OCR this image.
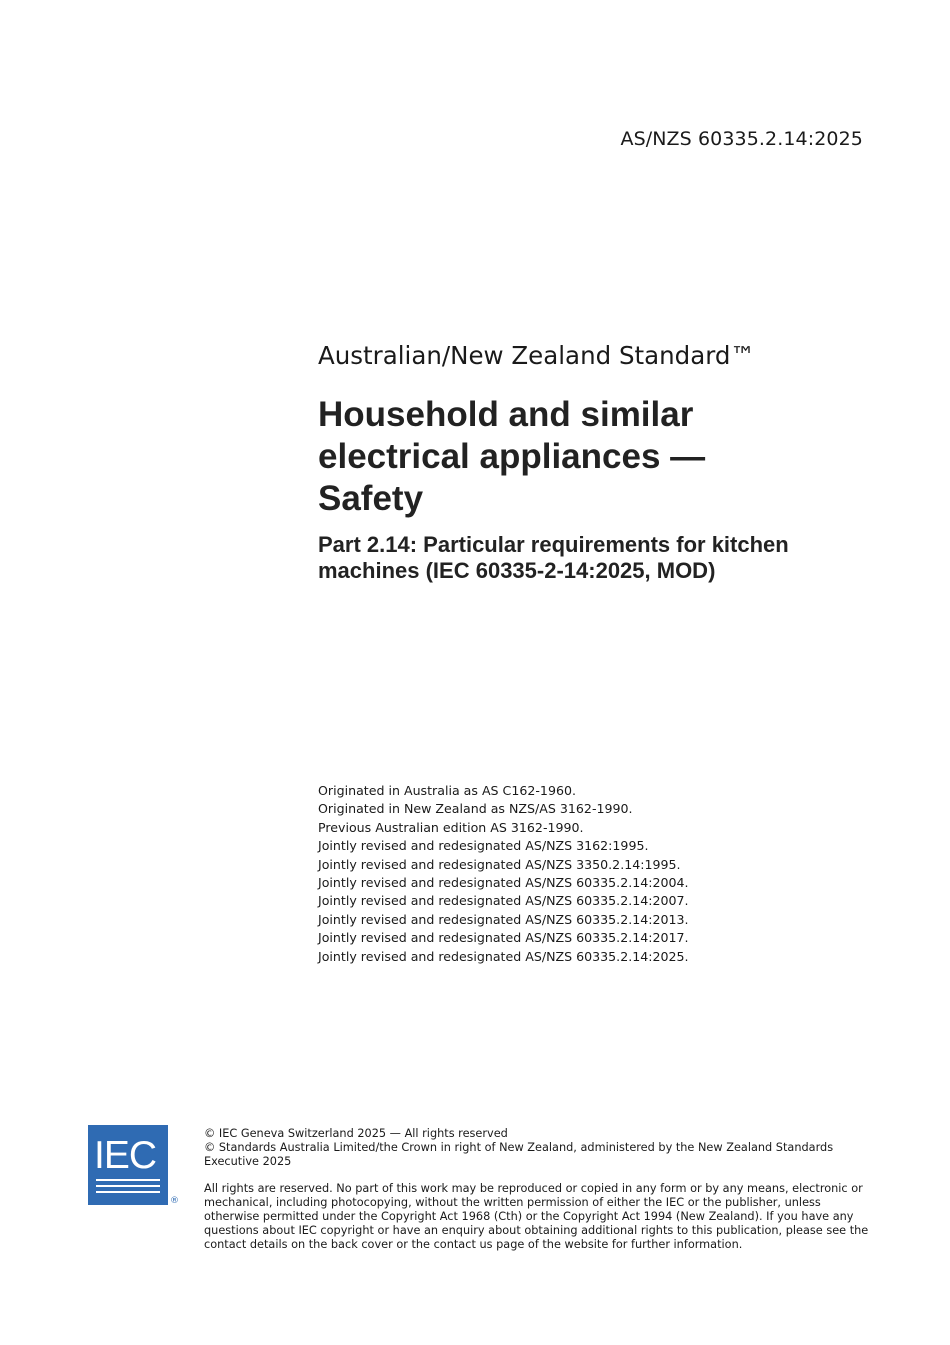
AS/NZS 60335.2.14:2025
Australian/New Zealand Standard™
Household and similar
electrical appliances —
Safety
Part 2.14: Particular requirements for kitchen
machines (IEC 60335-2-14:2025, MOD)
Originated in Australia as AS C162-1960.
Originated in New Zealand as NZS/AS 3162-1990.
Previous Australian edition AS 3162-1990.
Jointly revised and redesignated AS/NZS 3162:1995.
Jointly revised and redesignated AS/NZS 3350.2.14:1995.
Jointly revised and redesignated AS/NZS 60335.2.14:2004.
Jointly revised and redesignated AS/NZS 60335.2.14:2007.
Jointly revised and redesignated AS/NZS 60335.2.14:2013.
Jointly revised and redesignated AS/NZS 60335.2.14:2017.
Jointly revised and redesignated AS/NZS 60335.2.14:2025.
IEC
®

© IEC Geneva Switzerland 2025 — All rights reserved

© Standards Australia Limited/the Crown in right of New Zealand, administered by the New Zealand Standards Executive 2025

All rights are reserved. No part of this work may be reproduced or copied in any form or by any means, electronic or mechanical, including photocopying, without the written permission of either the IEC or the publisher, unless otherwise permitted under the Copyright Act 1968 (Cth) or the Copyright Act 1994 (New Zealand). If you have any questions about IEC copyright or have an enquiry about obtaining additional rights to this publication, please see the contact details on the back cover or the contact us page of the website for further information.
